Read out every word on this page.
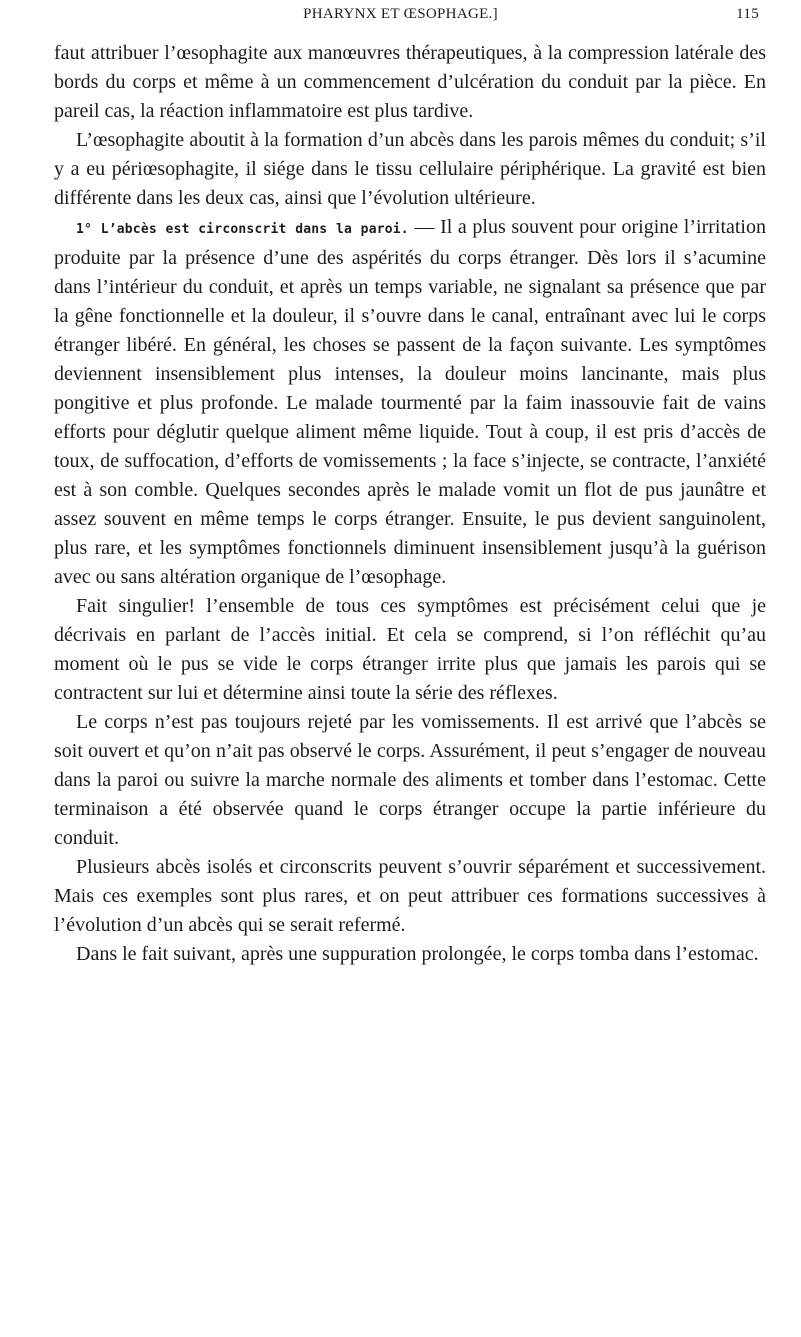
PHARYNX ET ŒSOPHAGE.]	115

faut attribuer l’œsophagite aux manœuvres thérapeutiques, à la compression latérale des bords du corps et même à un commencement d’ulcération du conduit par la pièce. En pareil cas, la réaction inflammatoire est plus tardive.

L’œsophagite aboutit à la formation d’un abcès dans les parois mêmes du conduit; s’il y a eu périœsophagite, il siége dans le tissu cellulaire périphérique. La gravité est bien différente dans les deux cas, ainsi que l’évolution ultérieure.

1° L’abcès est circonscrit dans la paroi. — Il a plus souvent pour origine l’irritation produite par la présence d’une des aspérités du corps étranger. Dès lors il s’acumine dans l’intérieur du conduit, et après un temps variable, ne signalant sa présence que par la gêne fonctionnelle et la douleur, il s’ouvre dans le canal, entraînant avec lui le corps étranger libéré. En général, les choses se passent de la façon suivante. Les symptômes deviennent insensiblement plus intenses, la douleur moins lancinante, mais plus pongitive et plus profonde. Le malade tourmenté par la faim inassouvie fait de vains efforts pour déglutir quelque aliment même liquide. Tout à coup, il est pris d’accès de toux, de suffocation, d’efforts de vomissements ; la face s’injecte, se contracte, l’anxiété est à son comble. Quelques secondes après le malade vomit un flot de pus jaunâtre et assez souvent en même temps le corps étranger. Ensuite, le pus devient sanguinolent, plus rare, et les symptômes fonctionnels diminuent insensiblement jusqu’à la guérison avec ou sans altération organique de l’œsophage.

Fait singulier! l’ensemble de tous ces symptômes est précisément celui que je décrivais en parlant de l’accès initial. Et cela se comprend, si l’on réfléchit qu’au moment où le pus se vide le corps étranger irrite plus que jamais les parois qui se contractent sur lui et détermine ainsi toute la série des réflexes.

Le corps n’est pas toujours rejeté par les vomissements. Il est arrivé que l’abcès se soit ouvert et qu’on n’ait pas observé le corps. Assurément, il peut s’engager de nouveau dans la paroi ou suivre la marche normale des aliments et tomber dans l’estomac. Cette terminaison a été observée quand le corps étranger occupe la partie inférieure du conduit.

Plusieurs abcès isolés et circonscrits peuvent s’ouvrir séparément et successivement. Mais ces exemples sont plus rares, et on peut attribuer ces formations successives à l’évolution d’un abcès qui se serait refermé.

Dans le fait suivant, après une suppuration prolongée, le corps tomba dans l’estomac.
